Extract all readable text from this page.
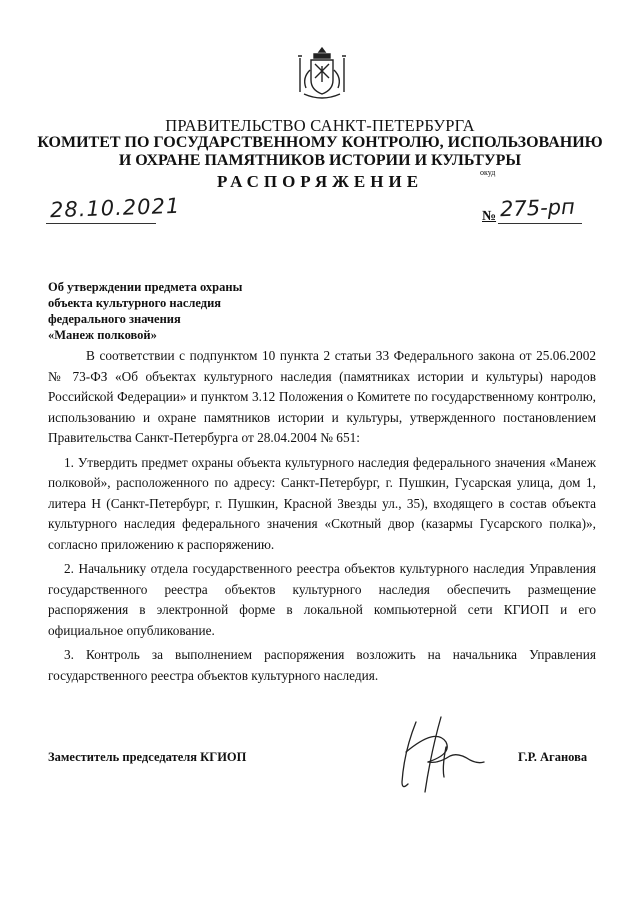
ПРАВИТЕЛЬСТВО САНКТ-ПЕТЕРБУРГА
КОМИТЕТ ПО ГОСУДАРСТВЕННОМУ КОНТРОЛЮ, ИСПОЛЬЗОВАНИЮ
И ОХРАНЕ ПАМЯТНИКОВ ИСТОРИИ И КУЛЬТУРЫ
РАСПОРЯЖЕНИЕ	окуд
28.10.2021	№ 275-рп
Об утверждении предмета охраны
объекта культурного наследия
федерального значения
«Манеж полковой»

В соответствии с подпунктом 10 пункта 2 статьи 33 Федерального закона от 25.06.2002 № 73-ФЗ «Об объектах культурного наследия (памятниках истории и культуры) народов Российской Федерации» и пунктом 3.12 Положения о Комитете по государственному контролю, использованию и охране памятников истории и культуры, утвержденного постановлением Правительства Санкт-Петербурга от 28.04.2004 № 651:

1. Утвердить предмет охраны объекта культурного наследия федерального значения «Манеж полковой», расположенного по адресу: Санкт-Петербург, г. Пушкин, Гусарская улица, дом 1, литера Н (Санкт-Петербург, г. Пушкин, Красной Звезды ул., 35), входящего в состав объекта культурного наследия федерального значения «Скотный двор (казармы Гусарского полка)», согласно приложению к распоряжению.

2. Начальнику отдела государственного реестра объектов культурного наследия Управления государственного реестра объектов культурного наследия обеспечить размещение распоряжения в электронной форме в локальной компьютерной сети КГИОП и его официальное опубликование.

3. Контроль за выполнением распоряжения возложить на начальника Управления государственного реестра объектов культурного наследия.

Заместитель председателя КГИОП	Г.Р. Аганова
